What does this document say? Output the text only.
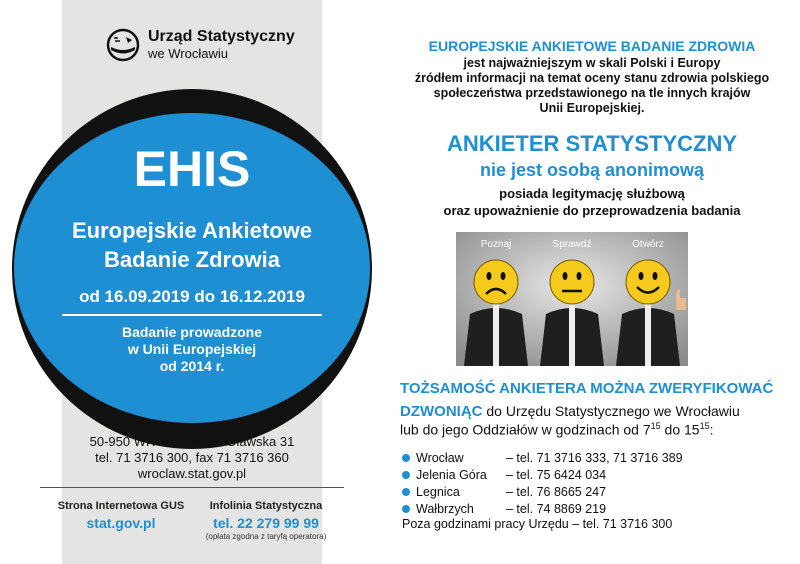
Urząd Statystyczny
we Wrocławiu
EHIS
Europejskie Ankietowe
Badanie Zdrowia
od 16.09.2019 do 16.12.2019
Badanie prowadzone
w Unii Europejskiej
od 2014 r.
50-950 WROCŁAW, ul. Oławska 31
tel. 71 3716 300, fax 71 3716 360
wroclaw.stat.gov.pl
Strona Internetowa GUS
stat.gov.pl
Infolinia Statystyczna
tel. 22 279 99 99
(opłata zgodna z taryfą operatora)
EUROPEJSKIE ANKIETOWE BADANIE ZDROWIA
jest najważniejszym w skali Polski i Europy
źródłem informacji na temat oceny stanu zdrowia polskiego
społeczeństwa przedstawionego na tle innych krajów
Unii Europejskiej.
ANKIETER STATYSTYCZNY
nie jest osobą anonimową
posiada legitymację służbową
oraz upoważnienie do przeprowadzenia badania
Poznaj	Sprawdź	Otwórz
TOŻSAMOŚĆ ANKIETERA MOŻNA ZWERYFIKOWAĆ
DZWONIĄC do Urzędu Statystycznego we Wrocławiu
lub do jego Oddziałów w godzinach od $7^{15}$ do $15^{15}$:
Wrocław	– tel. 71 3716 333, 71 3716 389
Jelenia Góra	– tel. 75 6424 034
Legnica	– tel. 76 8665 247
Wałbrzych	– tel. 74 8869 219
Poza godzinami pracy Urzędu – tel. 71 3716 300
